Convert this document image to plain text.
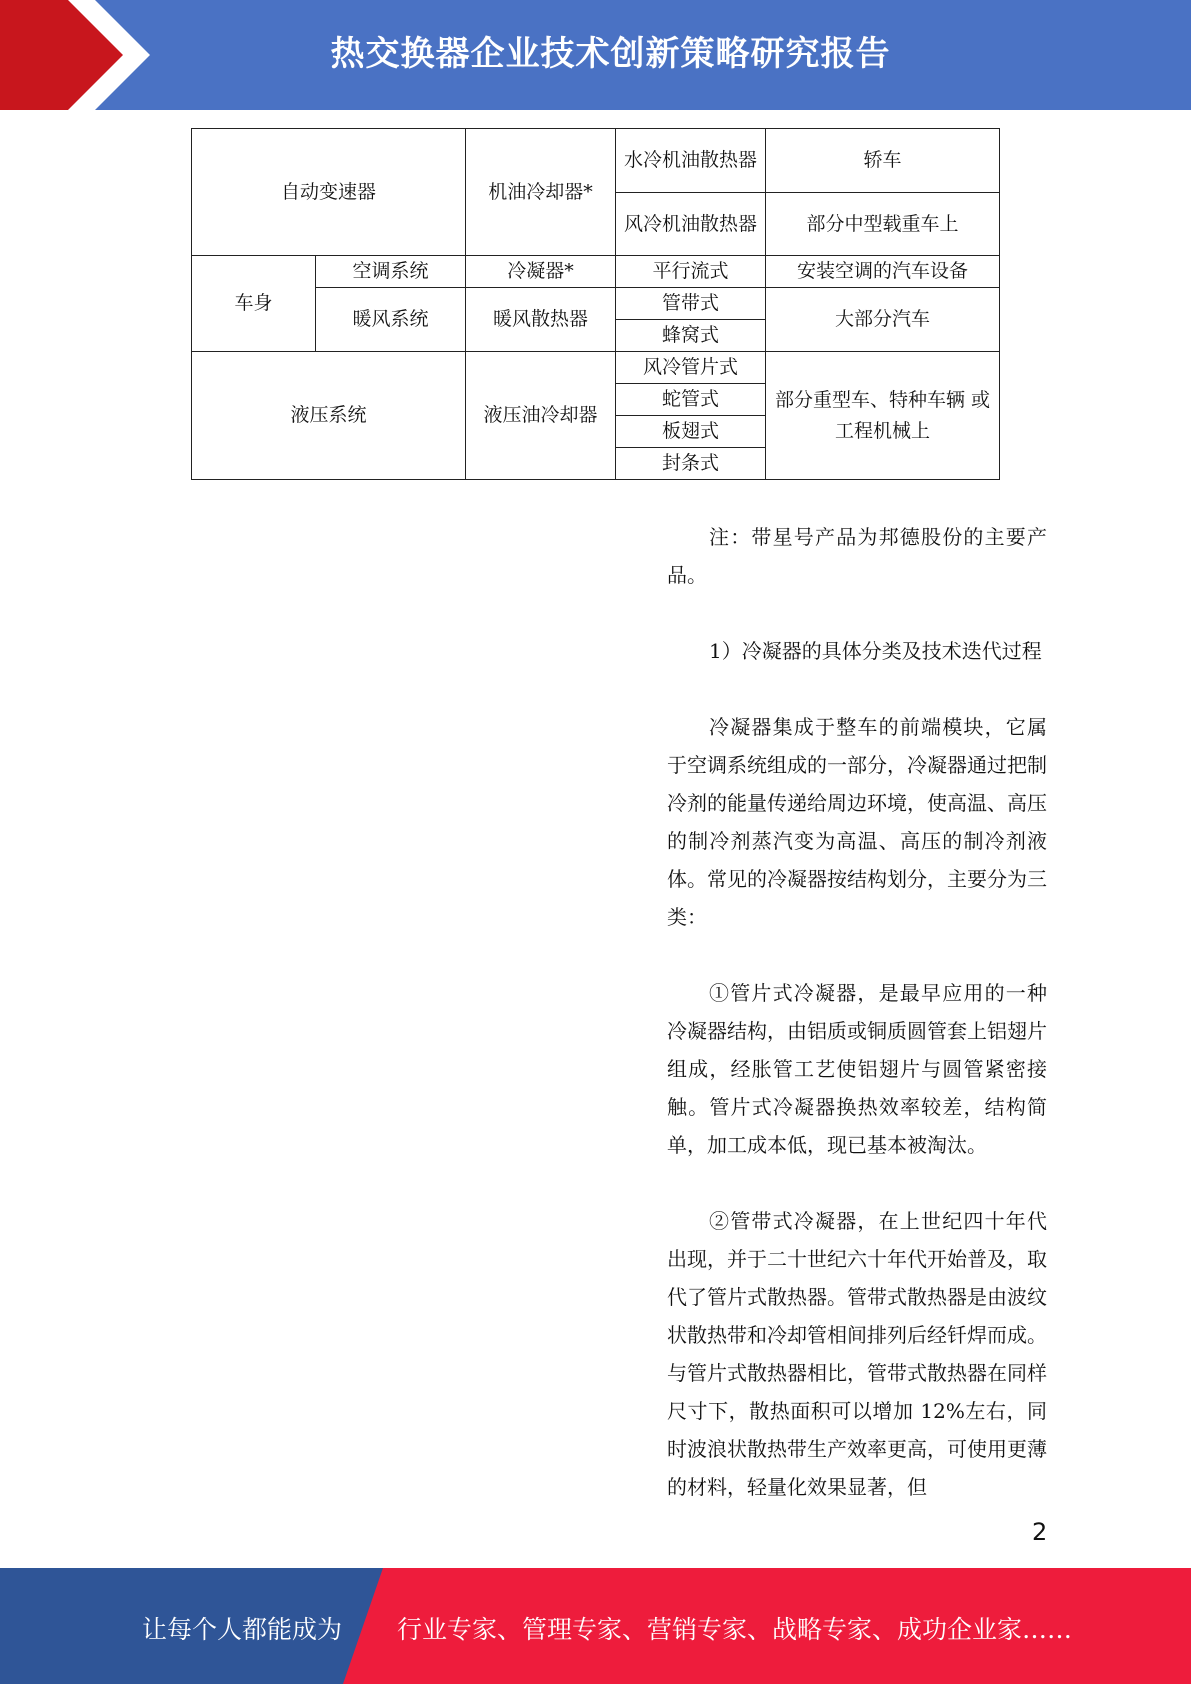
热交换器企业技术创新策略研究报告
自动变速器		机油冷却器*	水冷机油散热器	轿车
			风冷机油散热器	部分中型载重车上
车身	空调系统	冷凝器*	平行流式	安装空调的汽车设备
	暖风系统	暖风散热器	管带式	大部分汽车
			蜂窝式	
液压系统		液压油冷却器	风冷管片式	部分重型车、特种车辆 或工程机械上
			蛇管式	
			板翅式	
			封条式	

注：带星号产品为邦德股份的主要产品。

1）冷凝器的具体分类及技术迭代过程

冷凝器集成于整车的前端模块，它属于空调系统组成的一部分，冷凝器通过把制冷剂的能量传递给周边环境，使高温、高压的制冷剂蒸汽变为高温、高压的制冷剂液体。常见的冷凝器按结构划分，主要分为三类：

①管片式冷凝器，是最早应用的一种冷凝器结构，由铝质或铜质圆管套上铝翅片组成，经胀管工艺使铝翅片与圆管紧密接触。管片式冷凝器换热效率较差，结构简单，加工成本低，现已基本被淘汰。

②管带式冷凝器，在上世纪四十年代出现，并于二十世纪六十年代开始普及，取代了管片式散热器。管带式散热器是由波纹状散热带和冷却管相间排列后经钎焊而成。与管片式散热器相比，管带式散热器在同样尺寸下，散热面积可以增加 12%左右，同时波浪状散热带生产效率更高，可使用更薄的材料，轻量化效果显著，但

2
让每个人都能成为 行业专家、管理专家、营销专家、战略专家、成功企业家……
